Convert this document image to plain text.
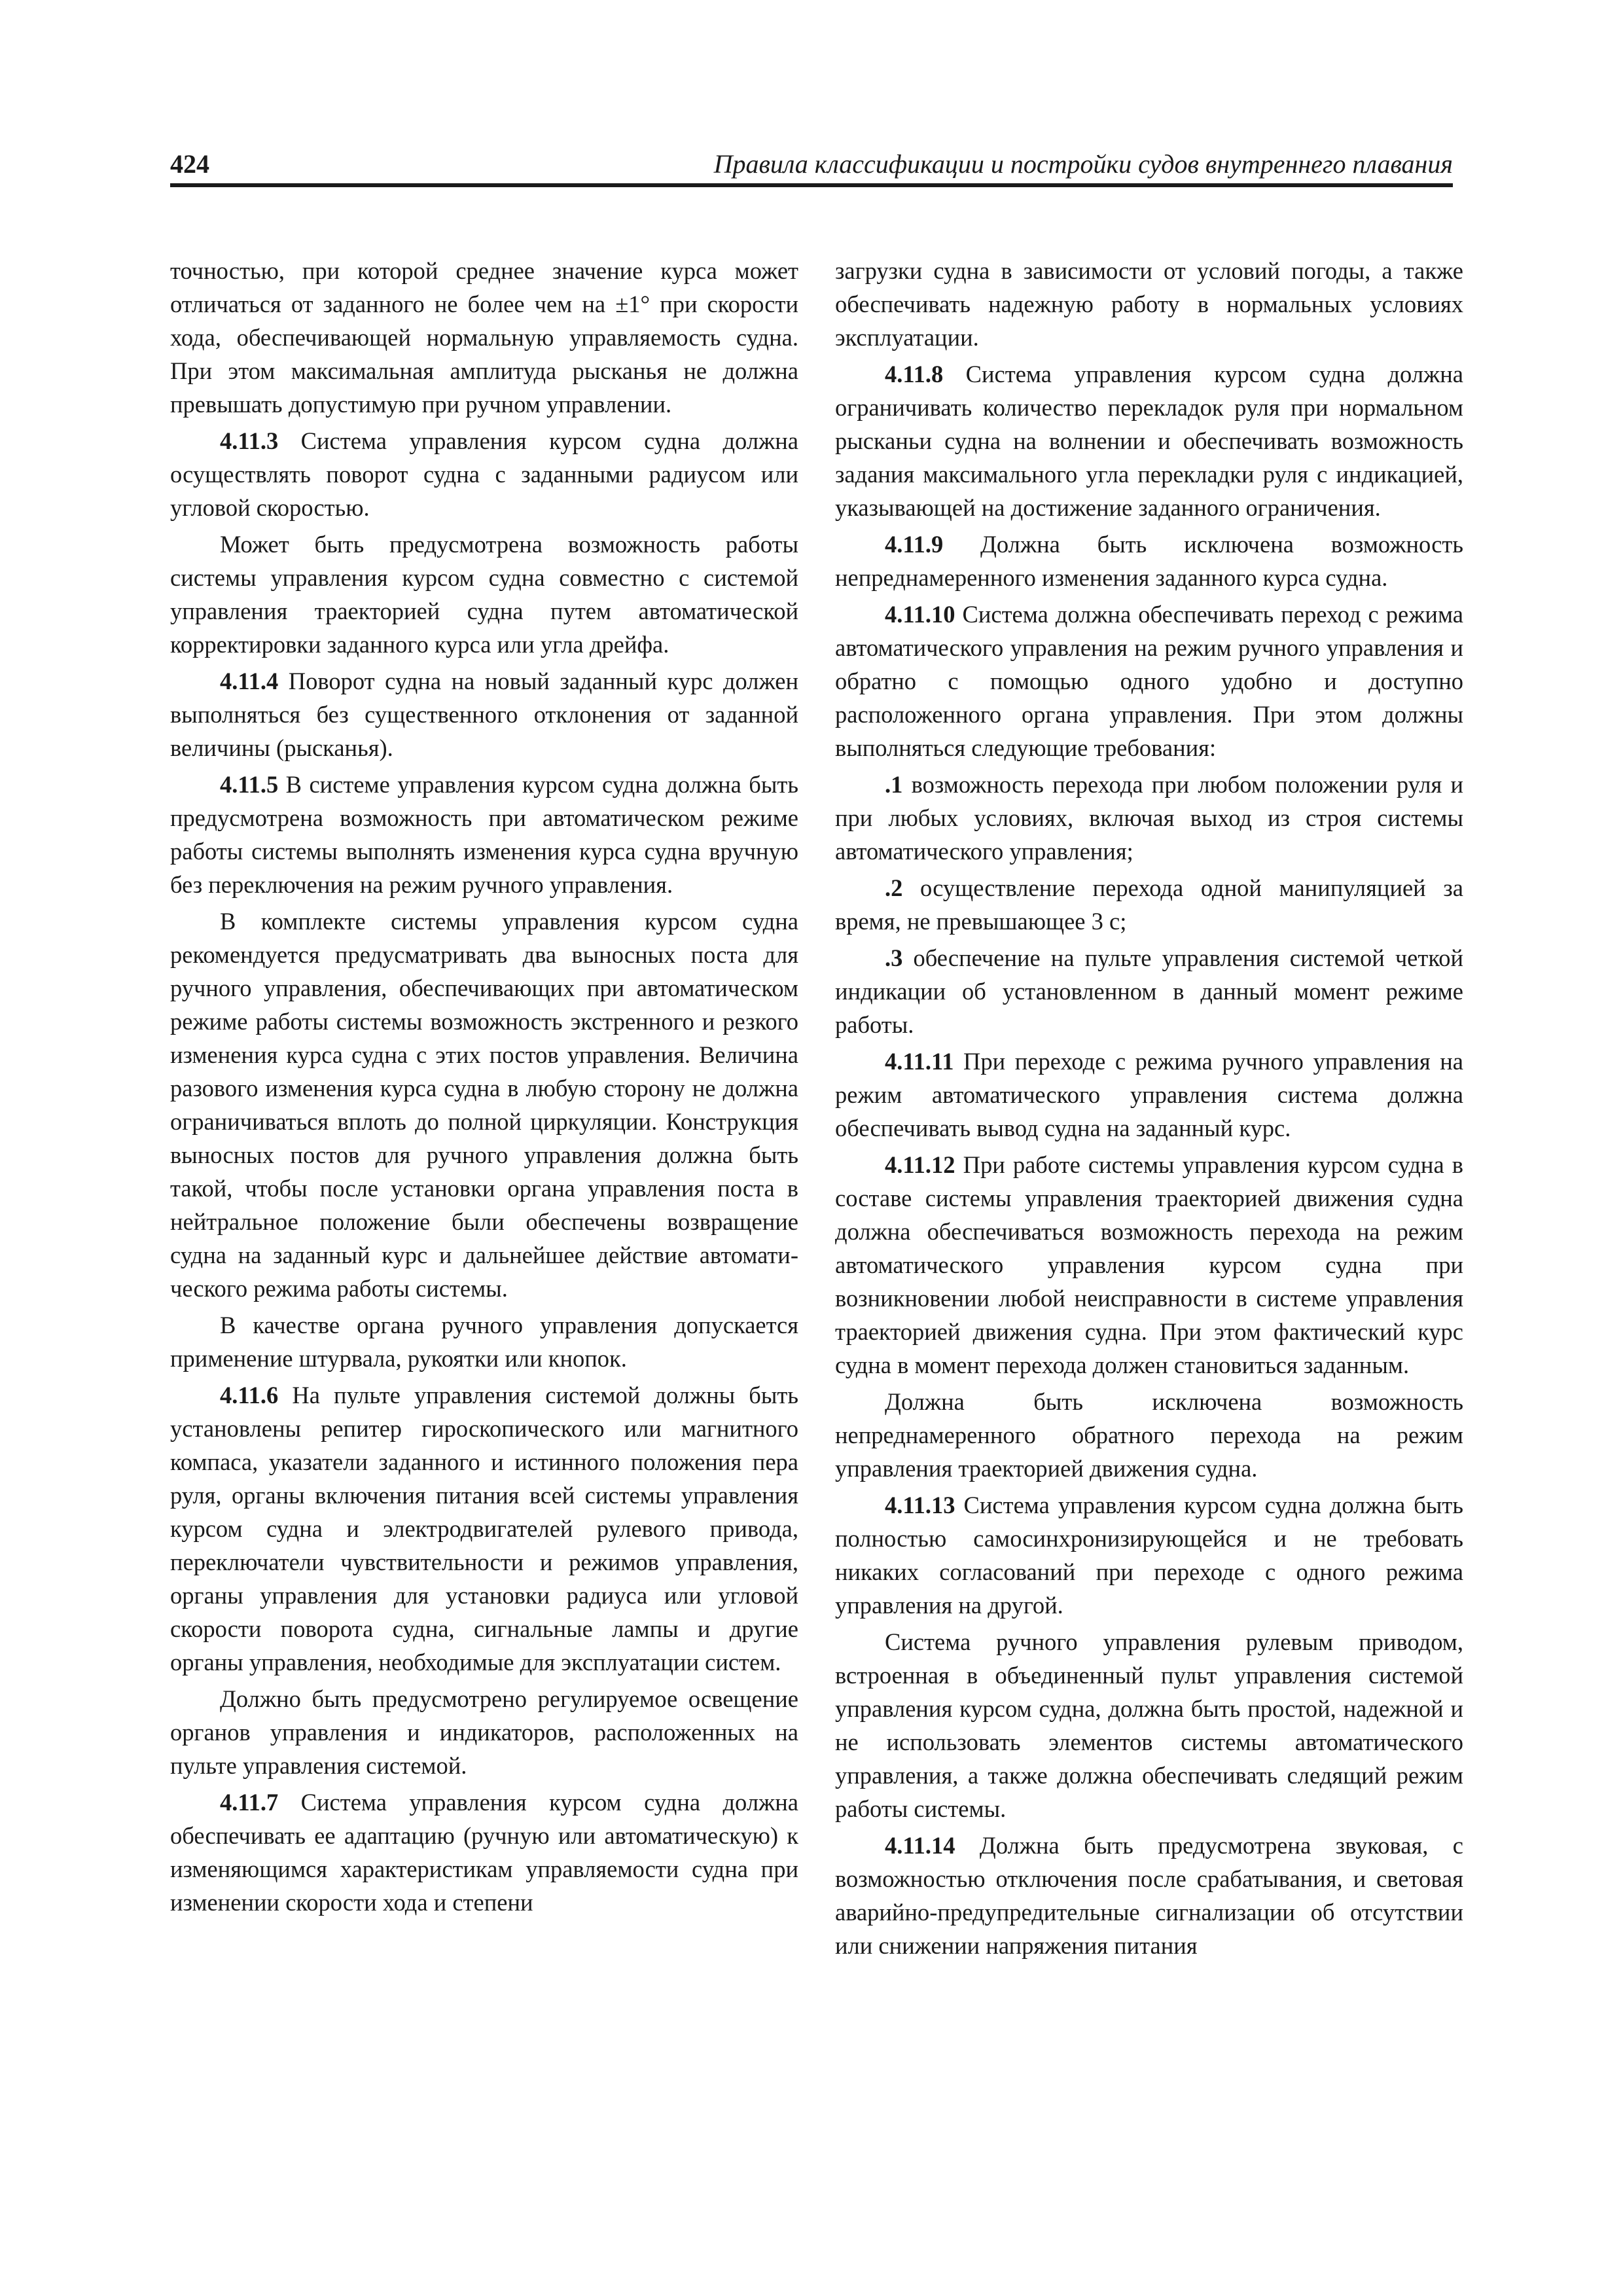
424	Правила классификации и постройки судов внутреннего плавания

точностью, при которой среднее значение курса может отличаться от заданного не более чем на ±1° при скорости хода, обеспечивающей нормальную управляемость судна. При этом максимальная амплитуда рысканья не должна превышать допустимую при ручном управлении.

4.11.3 Система управления курсом судна должна осуществлять поворот судна с заданными радиусом или угловой скоростью.

Может быть предусмотрена возможность работы системы управления курсом судна совместно с системой управления траекторией судна путем автоматической корректировки заданного курса или угла дрейфа.

4.11.4 Поворот судна на новый заданный курс должен выполняться без существенного отклонения от заданной величины (рысканья).

4.11.5 В системе управления курсом судна должна быть предусмотрена возможность при автоматическом режиме работы системы выполнять изменения курса судна вручную без переключения на режим ручного управления.

В комплекте системы управления курсом судна рекомендуется предусматривать два выносных поста для ручного управления, обеспечивающих при автоматическом режиме работы системы возможность экстренного и резкого изменения курса судна с этих постов управления. Величина разового изменения курса судна в любую сторону не должна ограничиваться вплоть до полной циркуляции. Конструкция выносных постов для ручного управления должна быть такой, чтобы после установки органа управления поста в нейтральное положение были обеспечены возвращение судна на заданный курс и дальнейшее действие автоматического режима работы системы.

В качестве органа ручного управления допускается применение штурвала, рукоятки или кнопок.

4.11.6 На пульте управления системой должны быть установлены репитер гироскопического или магнитного компаса, указатели заданного и истинного положения пера руля, органы включения питания всей системы управления курсом судна и электродвигателей рулевого привода, переключатели чувствительности и режимов управления, органы управления для установки радиуса или угловой скорости поворота судна, сигнальные лампы и другие органы управления, необходимые для эксплуатации систем.

Должно быть предусмотрено регулируемое освещение органов управления и индикаторов, расположенных на пульте управления системой.

4.11.7 Система управления курсом судна должна обеспечивать ее адаптацию (ручную или автоматическую) к изменяющимся характеристикам управляемости судна при изменении скорости хода и степени

загрузки судна в зависимости от условий погоды, а также обеспечивать надежную работу в нормальных условиях эксплуатации.

4.11.8 Система управления курсом судна должна ограничивать количество перекладок руля при нормальном рысканьи судна на волнении и обеспечивать возможность задания максимального угла перекладки руля с индикацией, указывающей на достижение заданного ограничения.

4.11.9 Должна быть исключена возможность непреднамеренного изменения заданного курса судна.

4.11.10 Система должна обеспечивать переход с режима автоматического управления на режим ручного управления и обратно с помощью одного удобно и доступно расположенного органа управления. При этом должны выполняться следующие требования:

.1 возможность перехода при любом положении руля и при любых условиях, включая выход из строя системы автоматического управления;

.2 осуществление перехода одной манипуляцией за время, не превышающее 3 с;

.3 обеспечение на пульте управления системой четкой индикации об установленном в данный момент режиме работы.

4.11.11 При переходе с режима ручного управления на режим автоматического управления система должна обеспечивать вывод судна на заданный курс.

4.11.12 При работе системы управления курсом судна в составе системы управления траекторией движения судна должна обеспечиваться возможность перехода на режим автоматического управления курсом судна при возникновении любой неисправности в системе управления траекторией движения судна. При этом фактический курс судна в момент перехода должен становиться заданным.

Должна быть исключена возможность непреднамеренного обратного перехода на режим управления траекторией движения судна.

4.11.13 Система управления курсом судна должна быть полностью самосинхронизирующейся и не требовать никаких согласований при переходе с одного режима управления на другой.

Система ручного управления рулевым приводом, встроенная в объединенный пульт управления системой управления курсом судна, должна быть простой, надежной и не использовать элементов системы автоматического управления, а также должна обеспечивать следящий режим работы системы.

4.11.14 Должна быть предусмотрена звуковая, с возможностью отключения после срабатывания, и световая аварийно-предупредительные сигнализации об отсутствии или снижении напряжения питания
